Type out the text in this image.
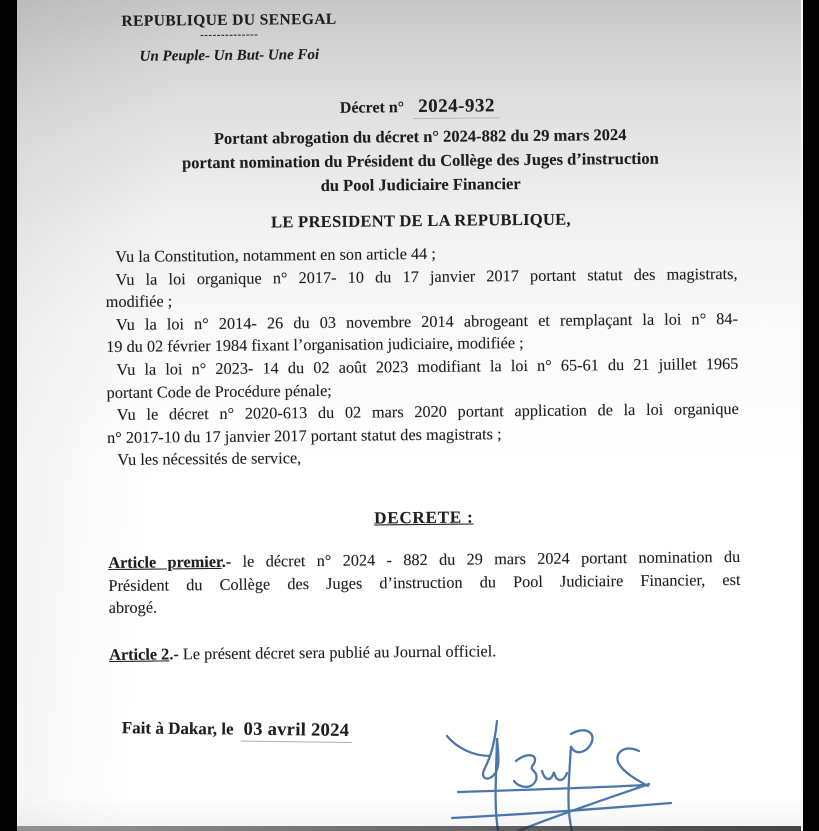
REPUBLIQUE DU SENEGAL
--------------
Un Peuple- Un But- Une Foi
Décret n° 2024-932
Portant abrogation du décret n° 2024-882 du 29 mars 2024
portant nomination du Président du Collège des Juges d’instruction
du Pool Judiciaire Financier
LE PRESIDENT DE LA REPUBLIQUE,
Vu la Constitution, notamment en son article 44 ;
Vu la loi organique n° 2017- 10 du 17 janvier 2017 portant statut des magistrats,
modifiée ;
Vu la loi n° 2014- 26 du 03 novembre 2014 abrogeant et remplaçant la loi n° 84-
19 du 02 février 1984 fixant l’organisation judiciaire, modifiée ;
Vu la loi n° 2023- 14 du 02 août 2023 modifiant la loi n° 65-61 du 21 juillet 1965
portant Code de Procédure pénale;
Vu le décret n° 2020-613 du 02 mars 2020 portant application de la loi organique
n° 2017-10 du 17 janvier 2017 portant statut des magistrats ;
Vu les nécessités de service,
DECRETE :
Article premier.- le décret n° 2024 - 882 du 29 mars 2024 portant nomination du
Président du Collège des Juges d’instruction du Pool Judiciaire Financier, est
abrogé.
Article 2.- Le présent décret sera publié au Journal officiel.
Fait à Dakar, le 03 avril 2024
